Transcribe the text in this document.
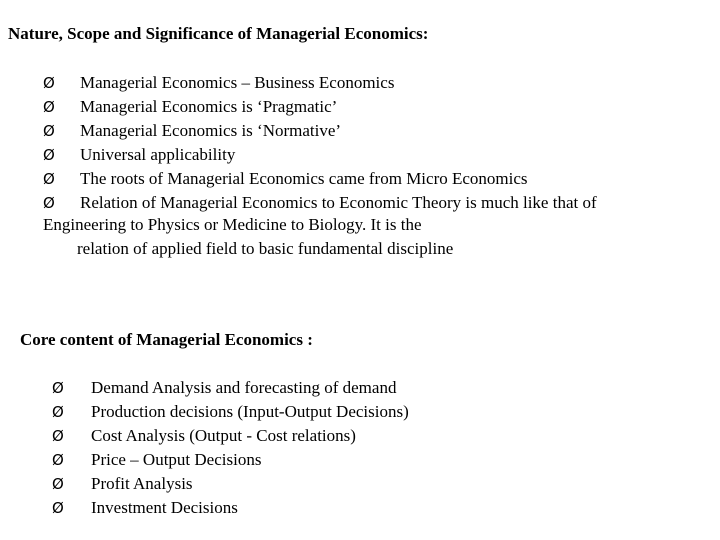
Nature, Scope and Significance of Managerial Economics:
Ø Managerial Economics – Business Economics
Ø Managerial Economics is ‘Pragmatic’
Ø Managerial Economics is ‘Normative’
Ø Universal applicability
Ø The roots of Managerial Economics came from Micro Economics
Ø Relation of Managerial Economics to Economic Theory is much like that of
Engineering to Physics or Medicine to Biology. It is the
relation of applied field to basic fundamental discipline
Core content of Managerial Economics :
Ø Demand Analysis and forecasting of demand
Ø Production decisions (Input-Output Decisions)
Ø Cost Analysis (Output - Cost relations)
Ø Price – Output Decisions
Ø Profit Analysis
Ø Investment Decisions
